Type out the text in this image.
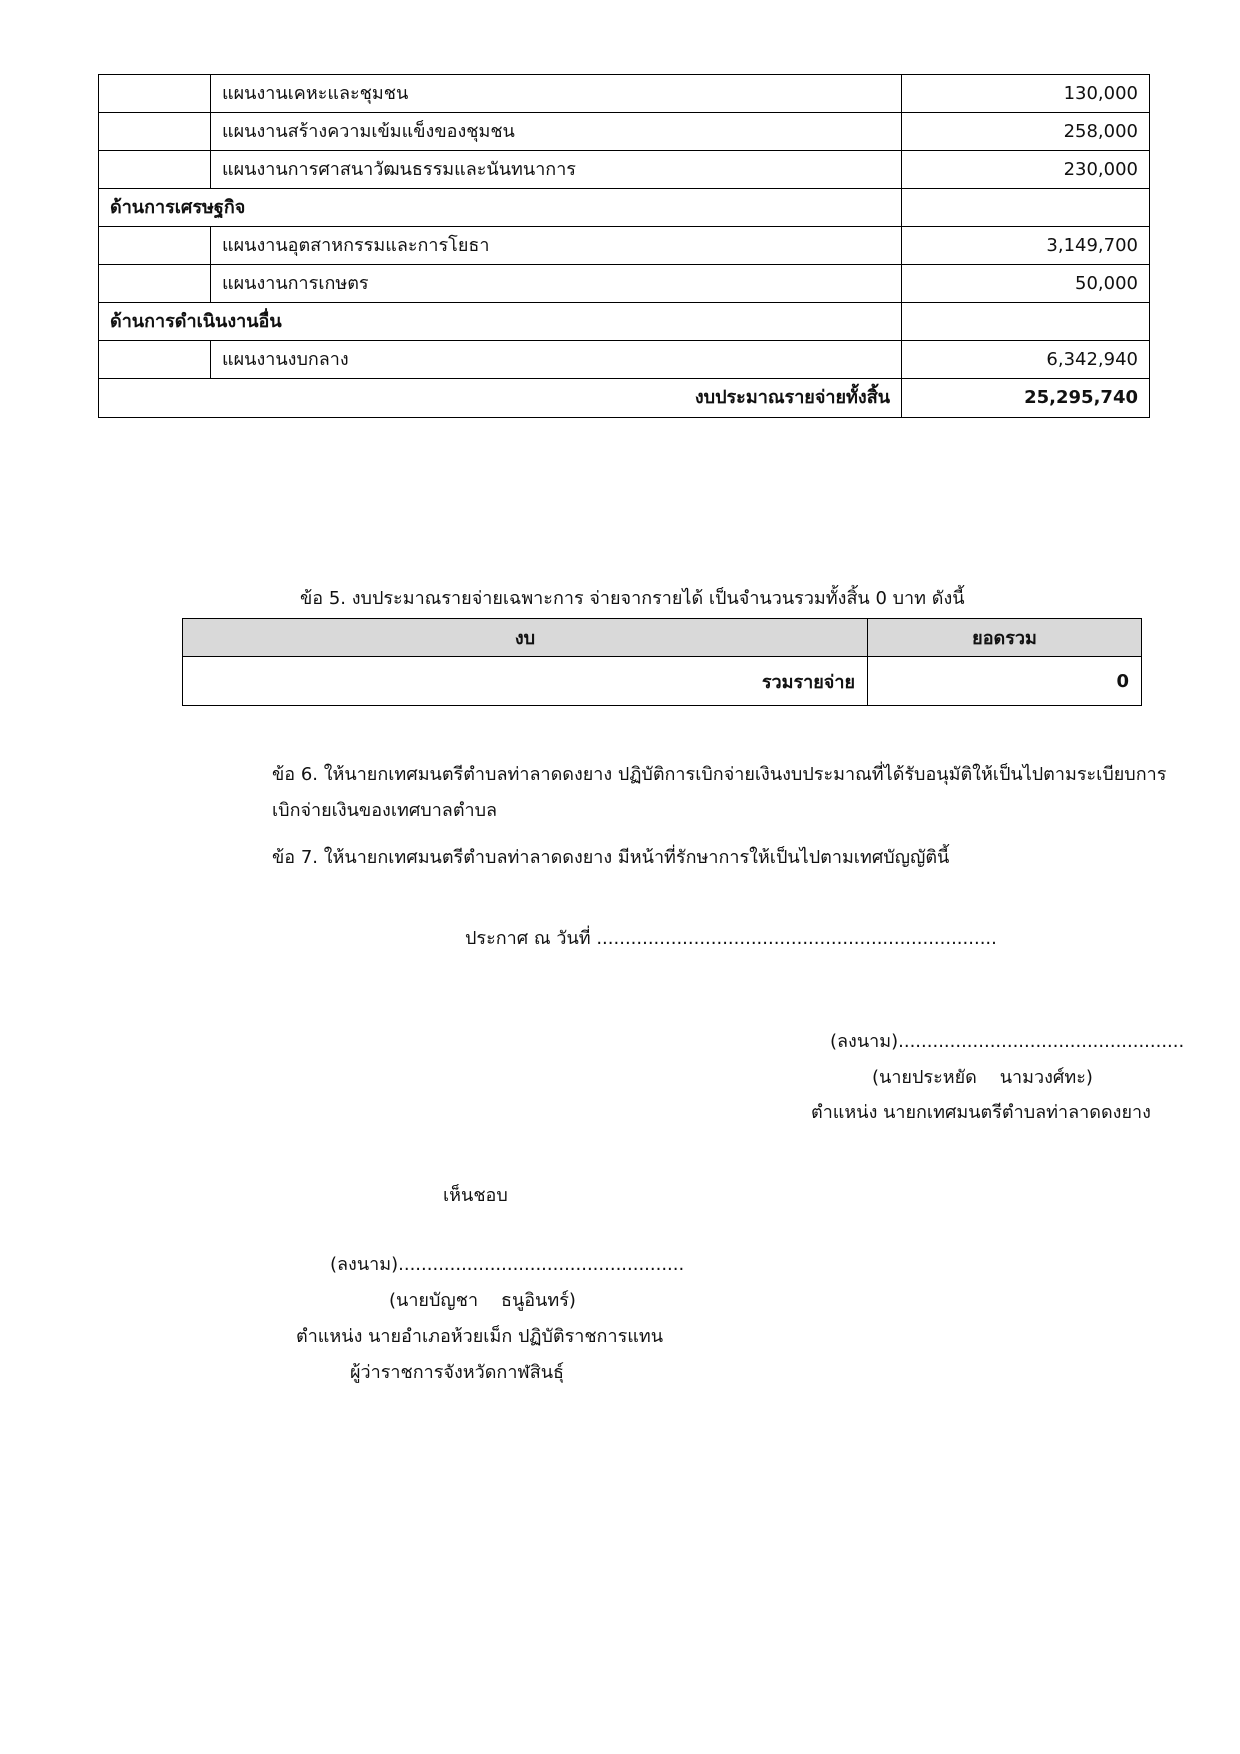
	แผนงานเคหะและชุมชน	130,000
	แผนงานสร้างความเข้มแข็งของชุมชน	258,000
	แผนงานการศาสนาวัฒนธรรมและนันทนาการ	230,000
ด้านการเศรษฐกิจ		
	แผนงานอุตสาหกรรมและการโยธา	3,149,700
	แผนงานการเกษตร	50,000
ด้านการดำเนินงานอื่น		
	แผนงานงบกลาง	6,342,940
งบประมาณรายจ่ายทั้งสิ้น		25,295,740
ข้อ 5. งบประมาณรายจ่ายเฉพาะการ จ่ายจากรายได้ เป็นจำนวนรวมทั้งสิ้น 0 บาท ดังนี้
งบ	ยอดรวม
รวมรายจ่าย	0
ข้อ 6. ให้นายกเทศมนตรีตำบลท่าลาดดงยาง ปฏิบัติการเบิกจ่ายเงินงบประมาณที่ได้รับอนุมัติให้เป็นไปตามระเบียบการ
เบิกจ่ายเงินของเทศบาลตำบล
ข้อ 7. ให้นายกเทศมนตรีตำบลท่าลาดดงยาง มีหน้าที่รักษาการให้เป็นไปตามเทศบัญญัตินี้
ประกาศ ณ วันที่ ......................................................................
(ลงนาม)..................................................
(นายประหยัด    นามวงศ์ทะ)
ตำแหน่ง นายกเทศมนตรีตำบลท่าลาดดงยาง
เห็นชอบ
(ลงนาม)..................................................
(นายบัญชา    ธนูอินทร์)
ตำแหน่ง นายอำเภอห้วยเม็ก ปฏิบัติราชการแทน
ผู้ว่าราชการจังหวัดกาฬสินธุ์
